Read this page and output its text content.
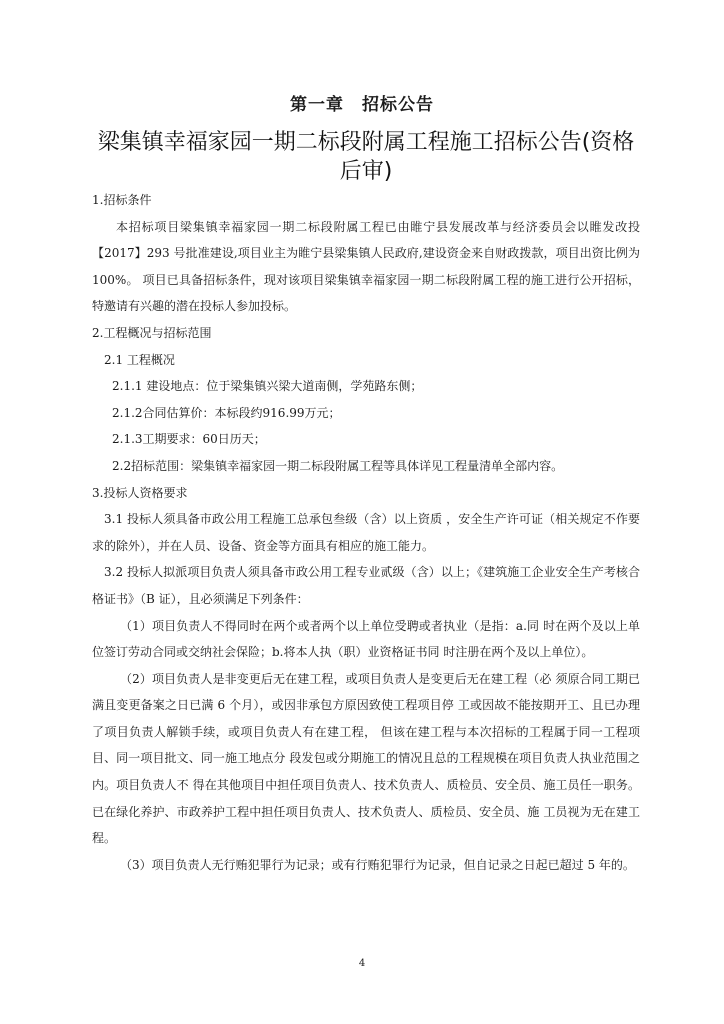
第一章　招标公告
梁集镇幸福家园一期二标段附属工程施工招标公告(资格后审)

1.招标条件

本招标项目梁集镇幸福家园一期二标段附属工程已由睢宁县发展改革与经济委员会以睢发改投【2017】293 号批准建设,项目业主为睢宁县梁集镇人民政府,建设资金来自财政拨款，项目出资比例为 100%。 项目已具备招标条件，现对该项目梁集镇幸福家园一期二标段附属工程的施工进行公开招标，特邀请有兴趣的潜在投标人参加投标。

2.工程概况与招标范围

2.1 工程概况

2.1.1 建设地点：位于梁集镇兴梁大道南侧，学苑路东侧；

2.1.2合同估算价：本标段约916.99万元；

2.1.3工期要求：60日历天；

2.2招标范围：梁集镇幸福家园一期二标段附属工程等具体详见工程量清单全部内容。

3.投标人资格要求

3.1 投标人须具备市政公用工程施工总承包叁级（含）以上资质 ，安全生产许可证（相关规定不作要求的除外），并在人员、设备、资金等方面具有相应的施工能力。

3.2 投标人拟派项目负责人须具备市政公用工程专业贰级（含）以上；《建筑施工企业安全生产考核合格证书》（B 证），且必须满足下列条件：

（1）项目负责人不得同时在两个或者两个以上单位受聘或者执业（是指：a.同 时在两个及以上单位签订劳动合同或交纳社会保险；b.将本人执（职）业资格证书同 时注册在两个及以上单位）。

（2）项目负责人是非变更后无在建工程，或项目负责人是变更后无在建工程（必 须原合同工期已满且变更备案之日已满 6 个月），或因非承包方原因致使工程项目停 工或因故不能按期开工、且已办理了项目负责人解锁手续，或项目负责人有在建工程， 但该在建工程与本次招标的工程属于同一工程项目、同一项目批文、同一施工地点分 段发包或分期施工的情况且总的工程规模在项目负责人执业范围之内。项目负责人不 得在其他项目中担任项目负责人、技术负责人、质检员、安全员、施工员任一职务。 已在绿化养护、市政养护工程中担任项目负责人、技术负责人、质检员、安全员、施 工员视为无在建工程。

（3）项目负责人无行贿犯罪行为记录；或有行贿犯罪行为记录，但自记录之日起已超过 5 年的。

4
